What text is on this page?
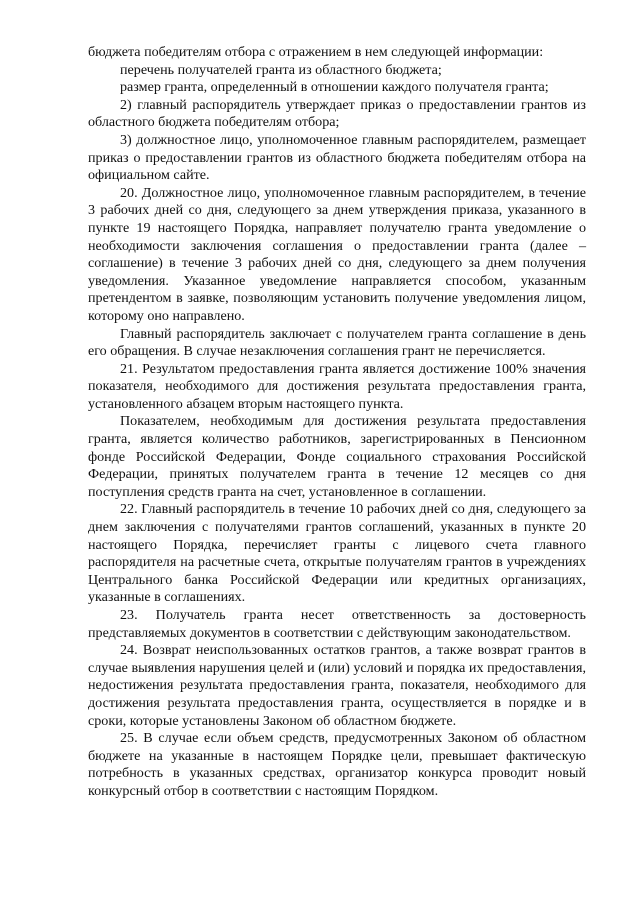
бюджета победителям отбора с отражением в нем следующей информации:

перечень получателей гранта из областного бюджета;

размер гранта, определенный в отношении каждого получателя гранта;

2) главный распорядитель утверждает приказ о предоставлении грантов из областного бюджета победителям отбора;

3) должностное лицо, уполномоченное главным распорядителем, размещает приказ о предоставлении грантов из областного бюджета победителям отбора на официальном сайте.

20. Должностное лицо, уполномоченное главным распорядителем, в течение 3 рабочих дней со дня, следующего за днем утверждения приказа, указанного в пункте 19 настоящего Порядка, направляет получателю гранта уведомление о необходимости заключения соглашения о предоставлении гранта (далее – соглашение) в течение 3 рабочих дней со дня, следующего за днем получения уведомления. Указанное уведомление направляется способом, указанным претендентом в заявке, позволяющим установить получение уведомления лицом, которому оно направлено.

Главный распорядитель заключает с получателем гранта соглашение в день его обращения. В случае незаключения соглашения грант не перечисляется.

21. Результатом предоставления гранта является достижение 100% значения показателя, необходимого для достижения результата предоставления гранта, установленного абзацем вторым настоящего пункта.

Показателем, необходимым для достижения результата предоставления гранта, является количество работников, зарегистрированных в Пенсионном фонде Российской Федерации, Фонде социального страхования Российской Федерации, принятых получателем гранта в течение 12 месяцев со дня поступления средств гранта на счет, установленное в соглашении.

22. Главный распорядитель в течение 10 рабочих дней со дня, следующего за днем заключения с получателями грантов соглашений, указанных в пункте 20 настоящего Порядка, перечисляет гранты с лицевого счета главного распорядителя на расчетные счета, открытые получателям грантов в учреждениях Центрального банка Российской Федерации или кредитных организациях, указанные в соглашениях.

23. Получатель гранта несет ответственность за достоверность представляемых документов в соответствии с действующим законодательством.

24. Возврат неиспользованных остатков грантов, а также возврат грантов в случае выявления нарушения целей и (или) условий и порядка их предоставления, недостижения результата предоставления гранта, показателя, необходимого для достижения результата предоставления гранта, осуществляется в порядке и в сроки, которые установлены Законом об областном бюджете.

25. В случае если объем средств, предусмотренных Законом об областном бюджете на указанные в настоящем Порядке цели, превышает фактическую потребность в указанных средствах, организатор конкурса проводит новый конкурсный отбор в соответствии с настоящим Порядком.
